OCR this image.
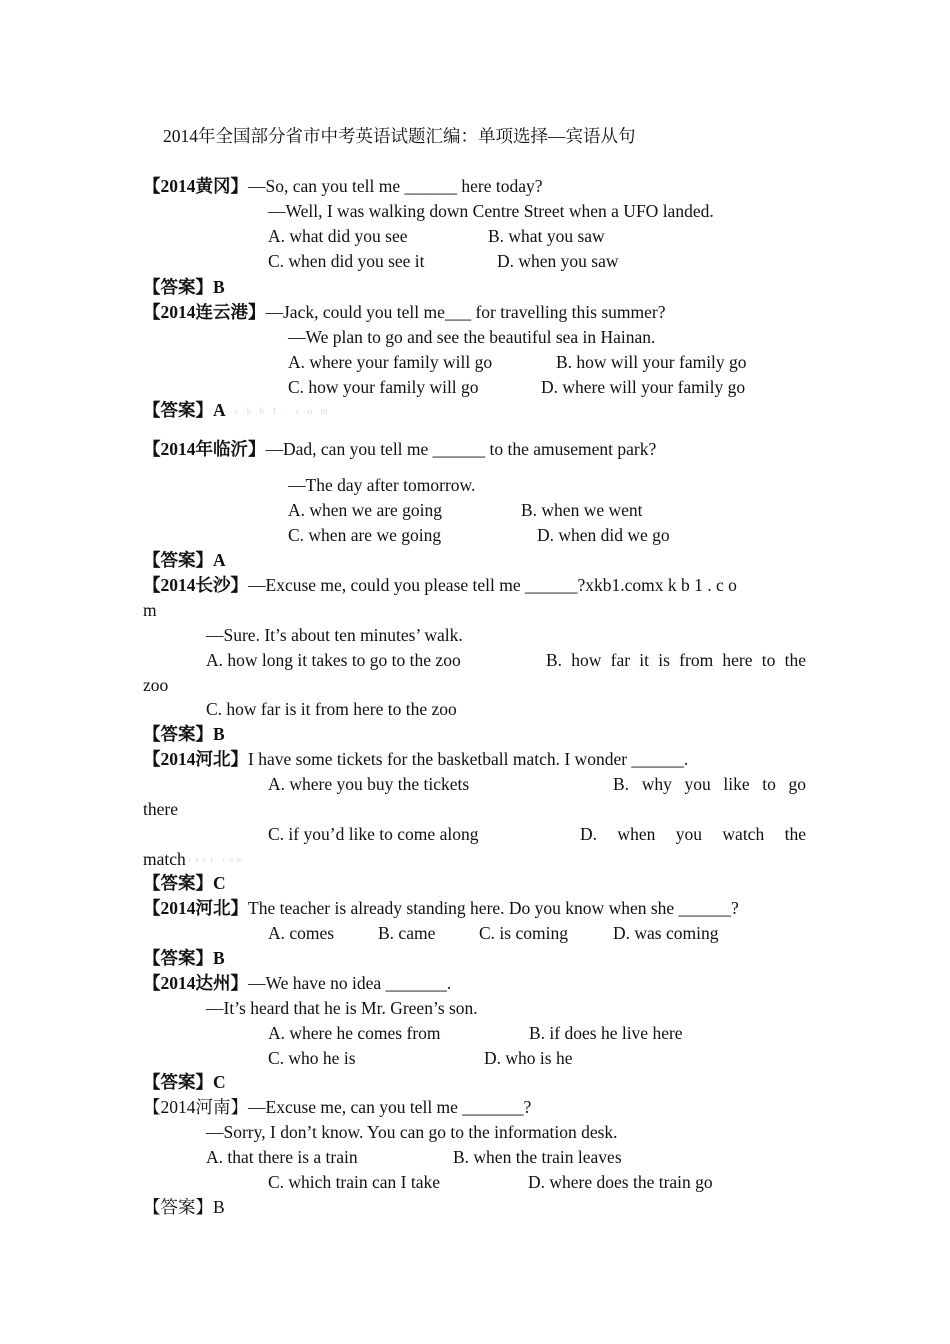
2014年全国部分省市中考英语试题汇编：单项选择—宾语从句
【2014黄冈】—So, can you tell me ______ here today?
—Well, I was walking down Centre Street when a UFO landed.
A. what did you see	B. what you saw
C. when did you see it	D. when you saw
【答案】B
【2014连云港】—Jack, could you tell me___ for travelling this summer?
—We plan to go and see the beautiful sea in Hainan.
A. where your family will go	B. how will your family go
C. how your family will go	D. where will your family go
【答案】A x k b 1 . c o m
【2014年临沂】—Dad, can you tell me ______ to the amusement park?
—The day after tomorrow.
A. when we are going	B. when we went
C. when are we going	D. when did we go
【答案】A
【2014长沙】—Excuse me, could you please tell me ______?xkb1.comx k b 1 . c o
m
—Sure. It’s about ten minutes’ walk.
A. how long it takes to go to the zoo	B. how far it is from here to the
zoo
C. how far is it from here to the zoo
【答案】B
【2014河北】I have some tickets for the basketball match. I wonder ______.
A. where you buy the tickets	B. why you like to go
there
C. if you’d like to come along	D. when you watch the
match x k b 1 . c o m
【答案】C
【2014河北】The teacher is already standing here. Do you know when she ______?
A. comes	B. came C. is coming	D. was coming
【答案】B
【2014达州】—We have no idea _______.
—It’s heard that he is Mr. Green’s son.
A. where he comes from	B. if does he live here
C. who he is	D. who is he
【答案】C
【2014河南】—Excuse me, can you tell me _______?
—Sorry, I don’t know. You can go to the information desk.
A. that there is a train	B. when the train leaves
C. which train can I take	D. where does the train go
【答案】B
